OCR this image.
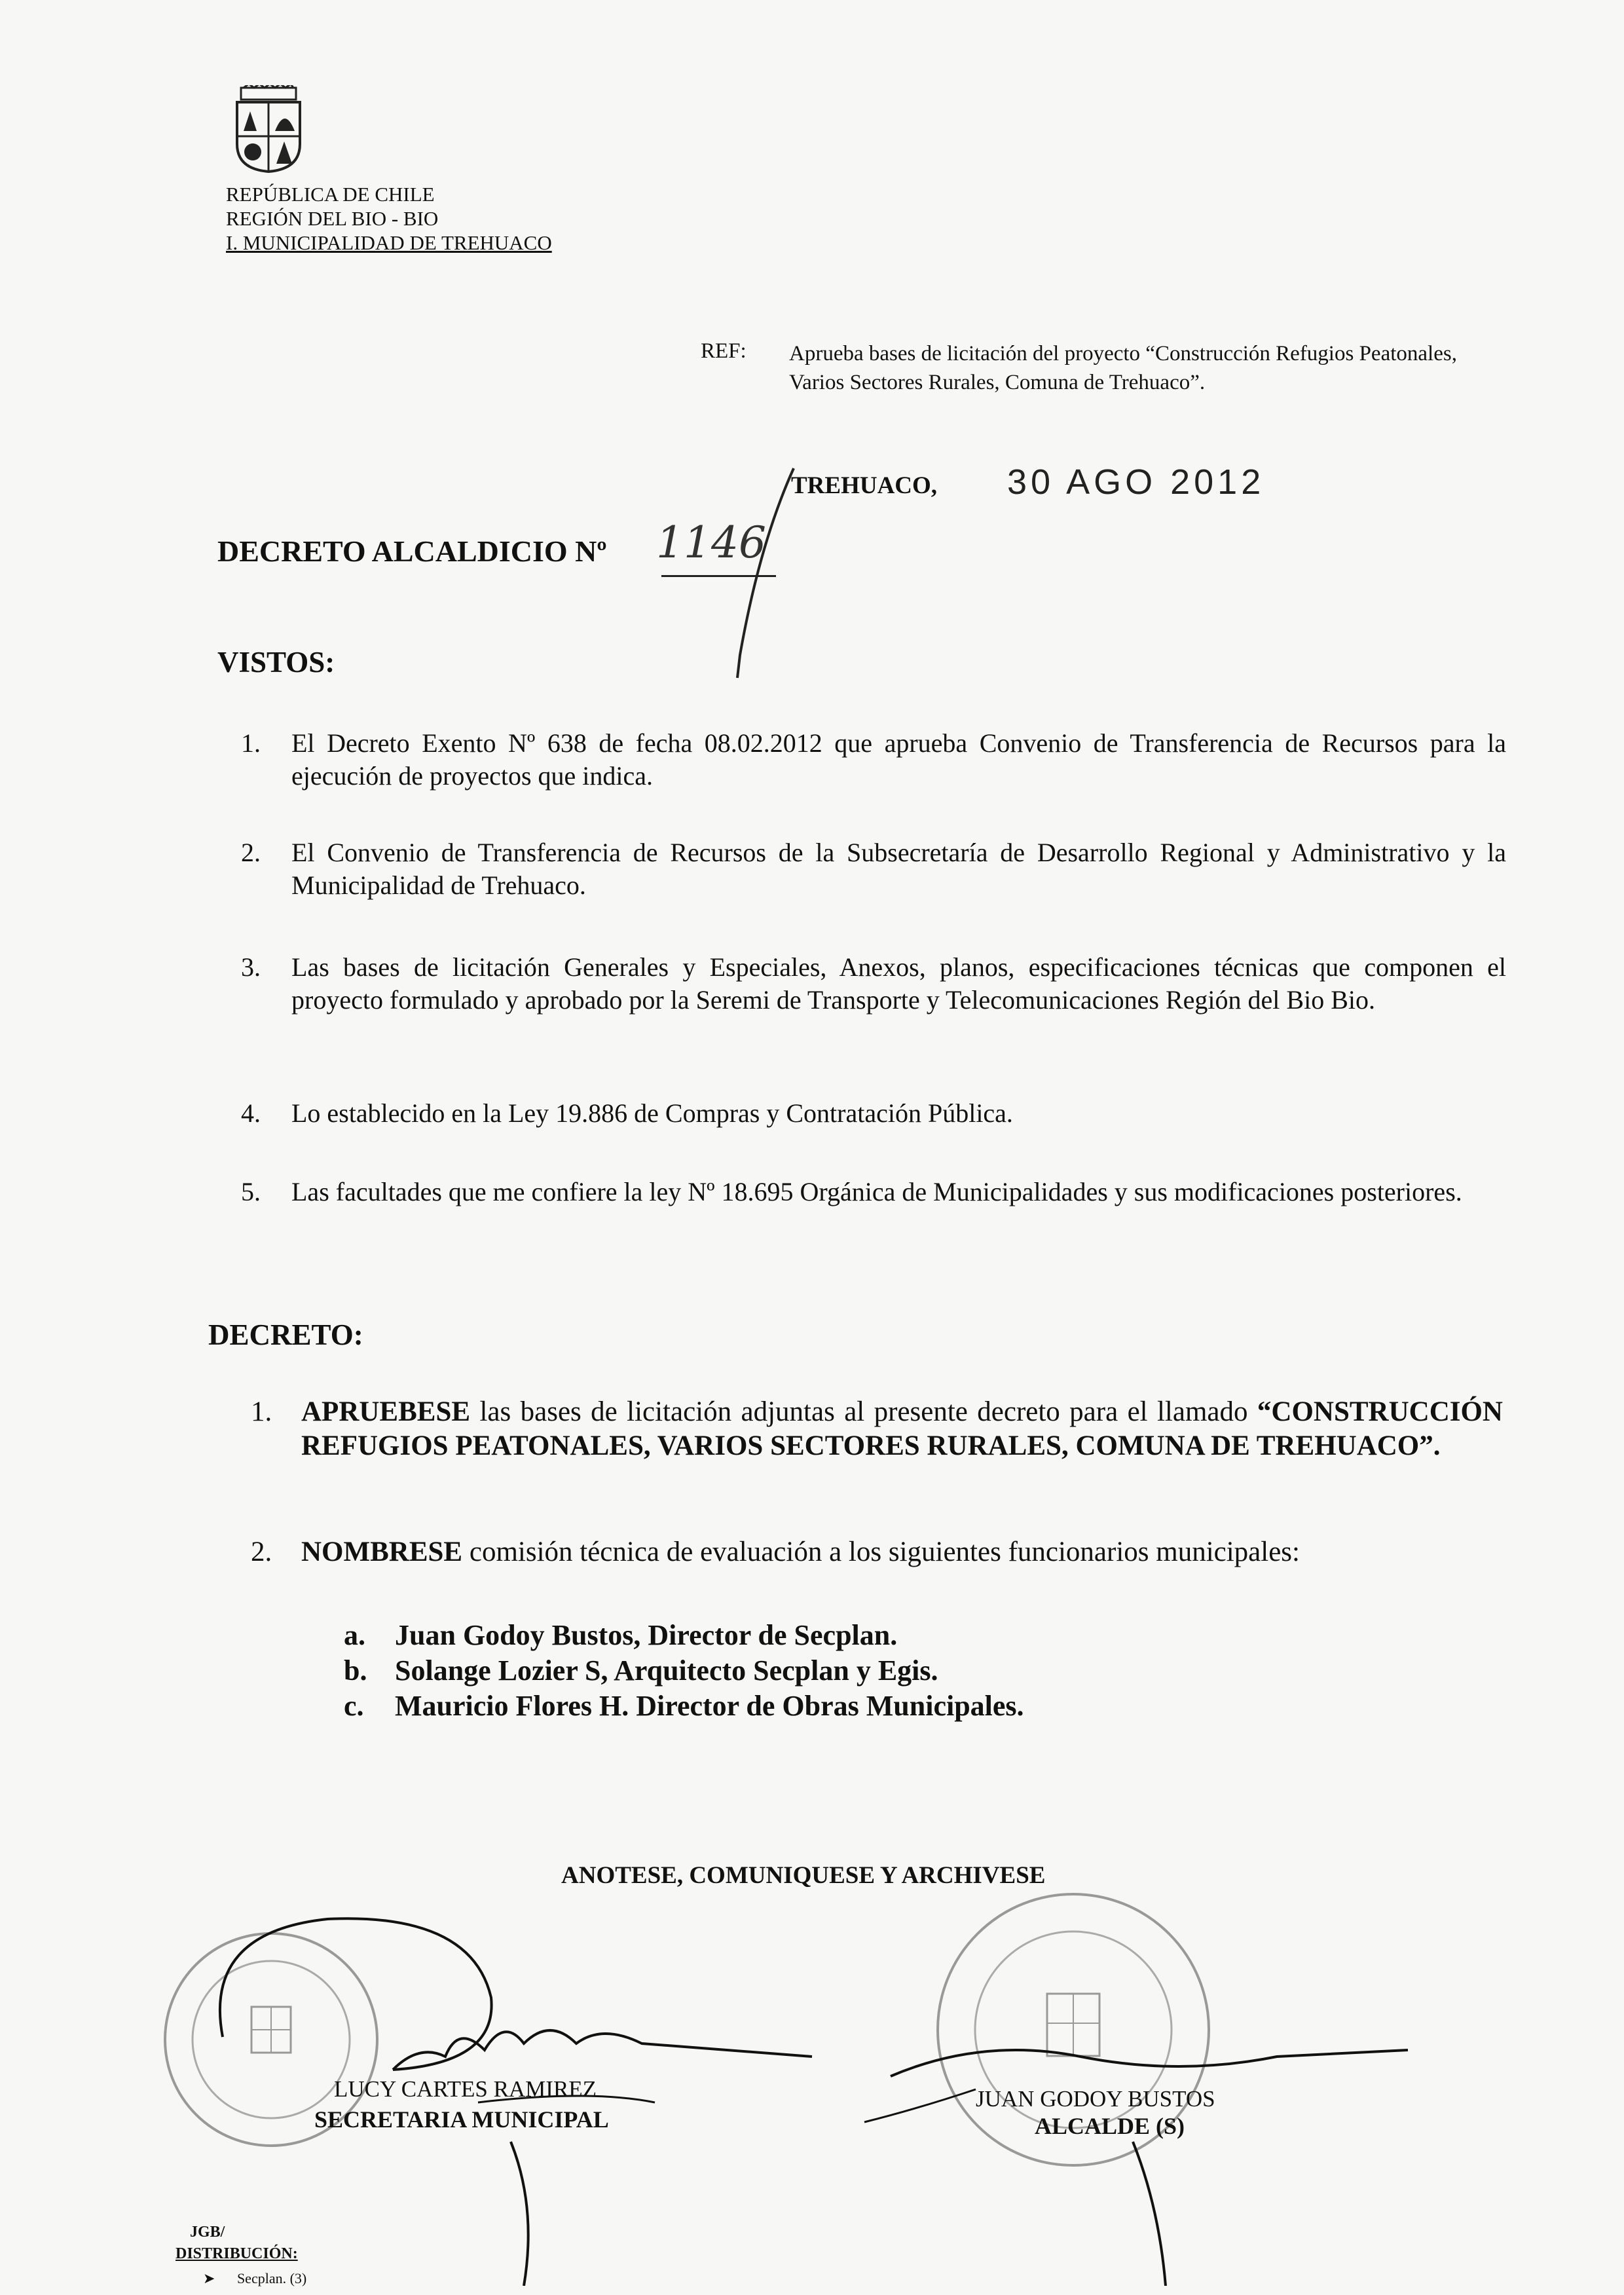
REPÚBLICA DE CHILE
REGIÓN DEL BIO - BIO
I. MUNICIPALIDAD DE TREHUACO
REF: Aprueba bases de licitación del proyecto “Construcción Refugios Peatonales, Varios Sectores Rurales, Comuna de Trehuaco”.
TREHUACO, 30 AGO 2012
DECRETO ALCALDICIO Nº 1146
VISTOS:
1. El Decreto Exento Nº 638 de fecha 08.02.2012 que aprueba Convenio de Transferencia de Recursos para la ejecución de proyectos que indica.
2. El Convenio de Transferencia de Recursos de la Subsecretaría de Desarrollo Regional y Administrativo y la Municipalidad de Trehuaco.
3. Las bases de licitación Generales y Especiales, Anexos, planos, especificaciones técnicas que componen el proyecto formulado y aprobado por la Seremi de Transporte y Telecomunicaciones Región del Bio Bio.
4. Lo establecido en la Ley 19.886 de Compras y Contratación Pública.
5. Las facultades que me confiere la ley Nº 18.695 Orgánica de Municipalidades y sus modificaciones posteriores.
DECRETO:
1. APRUEBESE las bases de licitación adjuntas al presente decreto para el llamado “CONSTRUCCIÓN REFUGIOS PEATONALES, VARIOS SECTORES RURALES, COMUNA DE TREHUACO”.
2. NOMBRESE comisión técnica de evaluación a los siguientes funcionarios municipales:
a.	Juan Godoy Bustos, Director de Secplan.
b. Solange Lozier S, Arquitecto Secplan y Egis.
c.	Mauricio Flores H. Director de Obras Municipales.
ANOTESE, COMUNIQUESE Y ARCHIVESE
LUCY CARTES RAMIREZ
SECRETARIA MUNICIPAL
JUAN GODOY BUSTOS
ALCALDE (S)
JGB/
DISTRIBUCIÓN:
➤ Secplan. (3)
